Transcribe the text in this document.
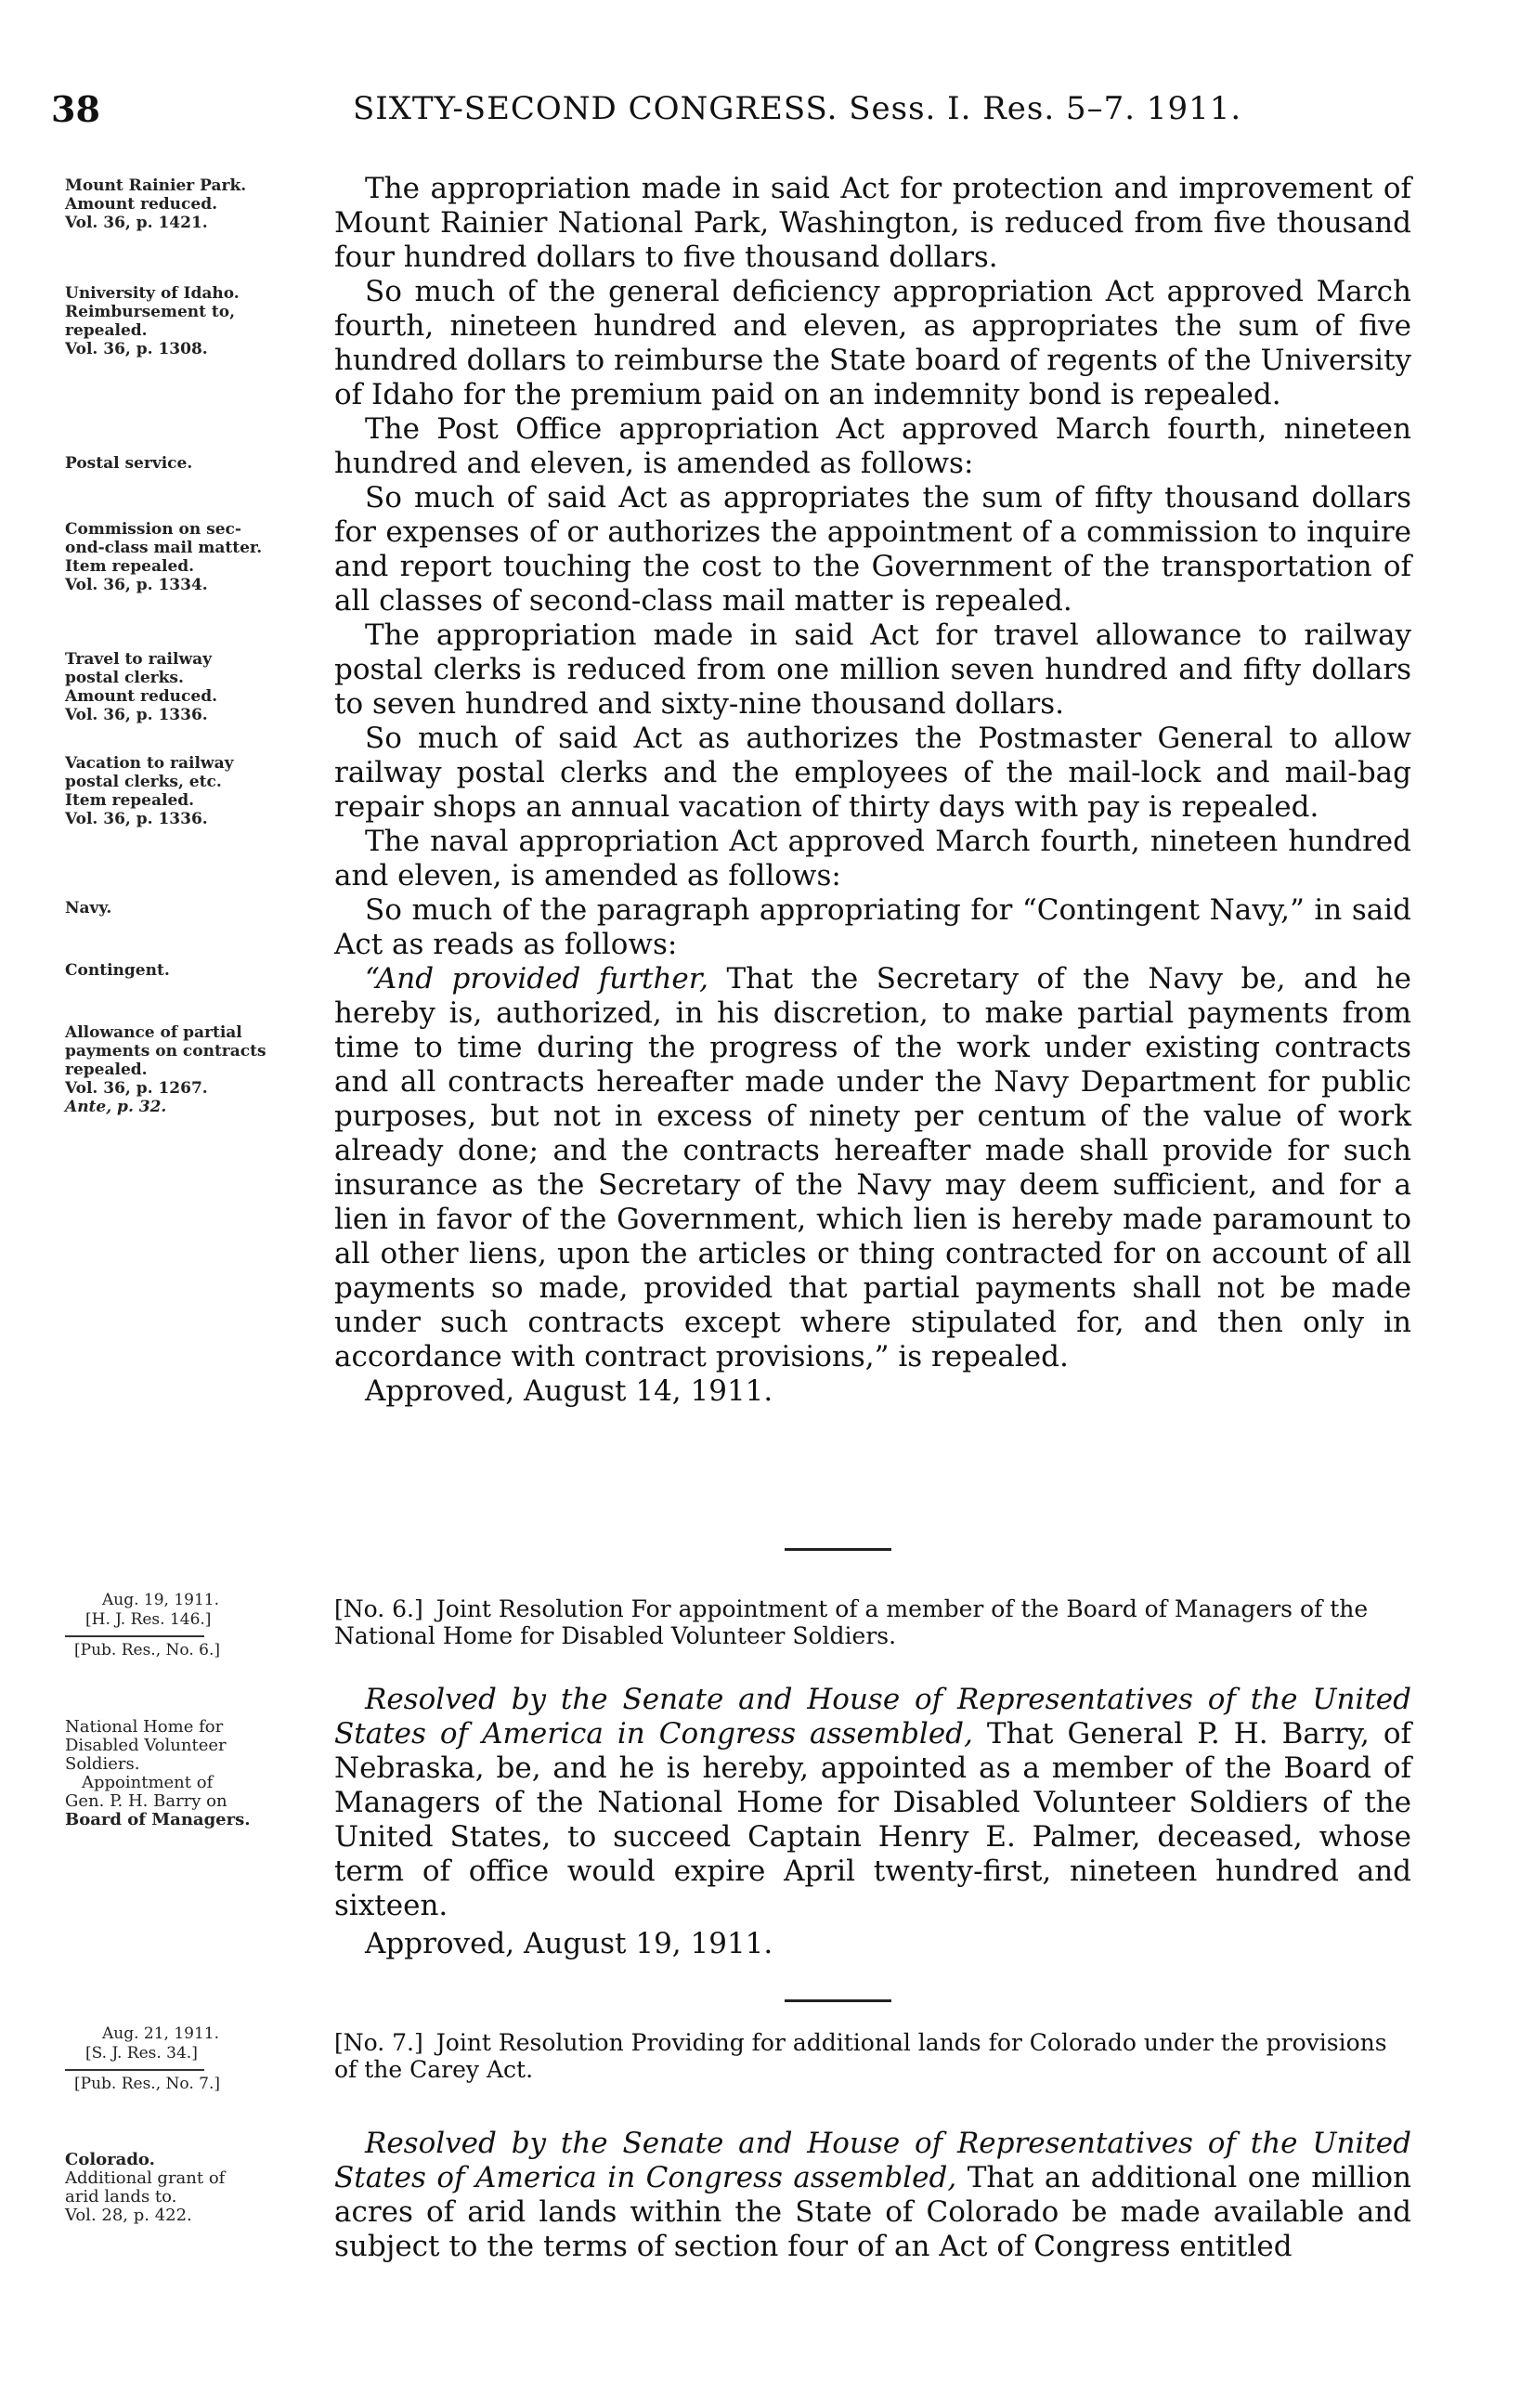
38	SIXTY-SECOND CONGRESS. Sess. I. Res. 5–7. 1911.
Mount Rainier Park.
Amount reduced.
Vol. 36, p. 1421.
University of Idaho.
Reimbursement to,
repealed.
Vol. 36, p. 1308.
Postal service.
Commission on sec-
ond-class mail matter.
Item repealed.
Vol. 36, p. 1334.
Travel to railway
postal clerks.
Amount reduced.
Vol. 36, p. 1336.
Vacation to railway
postal clerks, etc.
Item repealed.
Vol. 36, p. 1336.
Navy.
Contingent.
Allowance of partial
payments on contracts
repealed.
Vol. 36, p. 1267.
Ante, p. 32.

The appropriation made in said Act for protection and improvement of Mount Rainier National Park, Washington, is reduced from five thousand four hundred dollars to five thousand dollars.

So much of the general deficiency appropriation Act approved March fourth, nineteen hundred and eleven, as appropriates the sum of five hundred dollars to reimburse the State board of regents of the University of Idaho for the premium paid on an indemnity bond is repealed.

The Post Office appropriation Act approved March fourth, nineteen hundred and eleven, is amended as follows:

So much of said Act as appropriates the sum of fifty thousand dollars for expenses of or authorizes the appointment of a commission to inquire and report touching the cost to the Government of the transportation of all classes of second-class mail matter is repealed.

The appropriation made in said Act for travel allowance to railway postal clerks is reduced from one million seven hundred and fifty dollars to seven hundred and sixty-nine thousand dollars.

So much of said Act as authorizes the Postmaster General to allow railway postal clerks and the employees of the mail-lock and mail-bag repair shops an annual vacation of thirty days with pay is repealed.

The naval appropriation Act approved March fourth, nineteen hundred and eleven, is amended as follows:

So much of the paragraph appropriating for “Contingent Navy,” in said Act as reads as follows:

“And provided further, That the Secretary of the Navy be, and he hereby is, authorized, in his discretion, to make partial payments from time to time during the progress of the work under existing contracts and all contracts hereafter made under the Navy Department for public purposes, but not in excess of ninety per centum of the value of work already done; and the contracts hereafter made shall provide for such insurance as the Secretary of the Navy may deem sufficient, and for a lien in favor of the Government, which lien is hereby made paramount to all other liens, upon the articles or thing contracted for on account of all payments so made, provided that partial payments shall not be made under such contracts except where stipulated for, and then only in accordance with contract provisions,” is repealed.

Approved, August 14, 1911.

Aug. 19, 1911.
[H. J. Res. 146.]
[Pub. Res., No. 6.]
[No. 6.] Joint Resolution For appointment of a member of the Board of Managers of the National Home for Disabled Volunteer Soldiers.
National Home for
Disabled Volunteer
Soldiers.
Appointment of
Gen. P. H. Barry on
Board of Managers.

Resolved by the Senate and House of Representatives of the United States of America in Congress assembled, That General P. H. Barry, of Nebraska, be, and he is hereby, appointed as a member of the Board of Managers of the National Home for Disabled Volunteer Soldiers of the United States, to succeed Captain Henry E. Palmer, deceased, whose term of office would expire April twenty-first, nineteen hundred and sixteen.

Approved, August 19, 1911.

Aug. 21, 1911.
[S. J. Res. 34.]
[Pub. Res., No. 7.]
[No. 7.] Joint Resolution Providing for additional lands for Colorado under the provisions of the Carey Act.
Colorado.
Additional grant of
arid lands to.
Vol. 28, p. 422.

Resolved by the Senate and House of Representatives of the United States of America in Congress assembled, That an additional one million acres of arid lands within the State of Colorado be made available and subject to the terms of section four of an Act of Congress entitled
